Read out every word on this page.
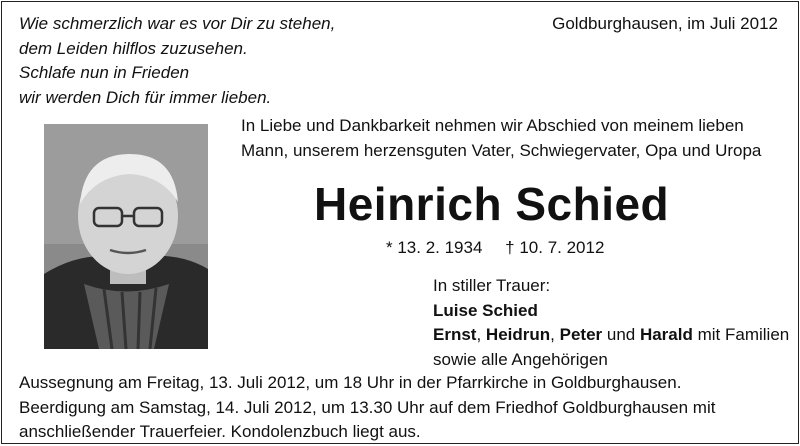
Wie schmerzlich war es vor Dir zu stehen,
dem Leiden hilflos zuzusehen.
Schlafe nun in Frieden
wir werden Dich für immer lieben.
Goldburghausen, im Juli 2012
In Liebe und Dankbarkeit nehmen wir Abschied von meinem lieben
Mann, unserem herzensguten Vater, Schwiegervater, Opa und Uropa
Heinrich Schied
* 13. 2. 1934 † 10. 7. 2012
In stiller Trauer:
Luise Schied
Ernst, Heidrun, Peter und Harald mit Familien
sowie alle Angehörigen
Aussegnung am Freitag, 13. Juli 2012, um 18 Uhr in der Pfarrkirche in Goldburghausen.
Beerdigung am Samstag, 14. Juli 2012, um 13.30 Uhr auf dem Friedhof Goldburghausen mit
anschließender Trauerfeier. Kondolenzbuch liegt aus.
